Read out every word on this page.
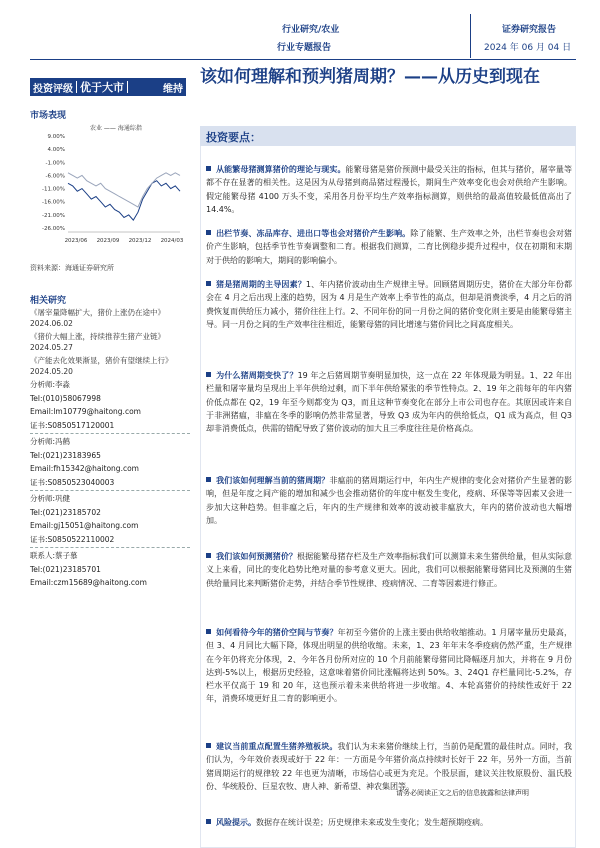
行业研究/农业
行业专题报告
证券研究报告
2024 年 06 月 04 日
投资评级 优于大市	维持
市场表现
农业 —— 海通综指
9.00%
4.00%
-1.00%
-6.00%
-11.00%
-16.00%
-21.00%
-26.00%
2023/06 2023/09 2023/12 2024/03
资料来源：海通证券研究所
相关研究
《屠宰量降幅扩大，猪价上涨仍在途中》
2024.06.02
《猪价大幅上涨，持续推荐生猪产业链》
2024.05.27
《产能去化效果渐显，猪价有望继续上行》
2024.05.20
分析师:李淼
Tel:(010)58067998
Email:lm10779@haitong.com
证书:S0850517120001
分析师:冯鹤
Tel:(021)23183965
Email:fh15342@haitong.com
证书:S0850523040003
分析师:巩健
Tel:(021)23185702
Email:gj15051@haitong.com
证书:S0850522110002
联系人:蔡子慕
Tel:(021)23185701
Email:czm15689@haitong.com
该如何理解和预判猪周期？——从历史到现在
投资要点：
从能繁母猪测算猪价的理论与现实。能繁母猪是猪价预测中最受关注的指标，但其与猪价，屠宰量等都不存在显著的相关性。这是因为从母猪到商品猪过程漫长，期间生产效率变化也会对供给产生影响。假定能繁母猪 4100 万头不变，采用各月份平均生产效率指标测算，则供给的最高值较最低值高出了 14.4%。
出栏节奏、冻品库存、进出口等也会对猪价产生影响。除了能繁、生产效率之外，出栏节奏也会对猪价产生影响，包括季节性节奏调整和二育。根据我们测算，二育比例稳步提升过程中，仅在初期和末期对于供给的影响大，期间的影响偏小。
猪是猪周期的主导因素？1、年内猪价波动由生产规律主导。回顾猪周期历史，猪价在大部分年份都会在 4 月之后出现上涨的趋势，因为 4 月是生产效率上季节性的高点，但却是消费淡季，4 月之后的消费恢复而供给压力减小，猪价往往上行。2、不同年份的同一月份之间的猪价变化则主要是由能繁母猪主导。同一月份之间的生产效率往往相近，能繁母猪的同比增速与猪价同比之间高度相关。
为什么猪周期变快了？19 年之后猪周期节奏明显加快，这一点在 22 年体现最为明显。1、22 年出栏量和屠宰量均呈现出上半年供给过剩，而下半年供给紧张的季节性特点。2、19 年之前每年的年内猪价低点都在 Q2，19 年至今则都变为 Q3，而且这种节奏变化在部分上市公司也存在。其原因或许来自于非洲猪瘟，非瘟在冬季的影响仍然非常显著，导致 Q3 成为年内的供给低点，Q1 成为高点，但 Q3 却非消费低点，供需的错配导致了猪价波动的加大且三季度往往是价格高点。
我们该如何理解当前的猪周期？非瘟前的猪周期运行中，年内生产规律的变化会对猪价产生显著的影响，但是年度之间产能的增加和减少也会推动猪价的年度中枢发生变化，疫病、环保等等因素又会进一步加大这种趋势。但非瘟之后，年内的生产规律和效率的波动被非瘟放大，年内的猪价波动也大幅增加。
我们该如何预测猪价？根据能繁母猪存栏及生产效率指标我们可以测算未来生猪供给量，但从实际意义上来看，同比的变化趋势比绝对量的参考意义更大。因此，我们可以根据能繁母猪同比及预测的生猪供给量同比来判断猪价走势，并结合季节性规律、疫病情况、二育等因素进行修正。
如何看待今年的猪价空间与节奏？年初至今猪价的上涨主要由供给收缩推动。1 月屠宰量历史最高，但 3、4 月同比大幅下降，体现出明显的供给收缩。未来，1、23 年年末冬季疫病仍然严重，生产规律在今年仍将充分体现，2、今年各月份所对应的 10 个月前能繁母猪同比降幅逐月加大，并将在 9 月份达到-5%以上，根据历史经验，这意味着猪价同比涨幅将达到 50%。3、24Q1 存栏量同比-5.2%，存栏水平仅高于 19 和 20 年，这也预示着未来供给将进一步收缩。4、本轮高猪价的持续性或好于 22 年，消费环境更好且二育的影响更小。
建议当前重点配置生猪养殖板块。我们认为未来猪价继续上行，当前仍是配置的最佳时点。同时，我们认为，今年效价表现或好于 22 年：一方面是今年猪价高点持续时长好于 22 年，另外一方面，当前猪周期运行的规律较 22 年也更为清晰，市场信心或更为充足。个股层面，建议关注牧原股份、温氏股份、华统股份、巨星农牧、唐人神、新希望、神农集团等。
风险提示。数据存在统计误差；历史规律未来或发生变化；发生超预期疫病。
请务必阅读正文之后的信息披露和法律声明
